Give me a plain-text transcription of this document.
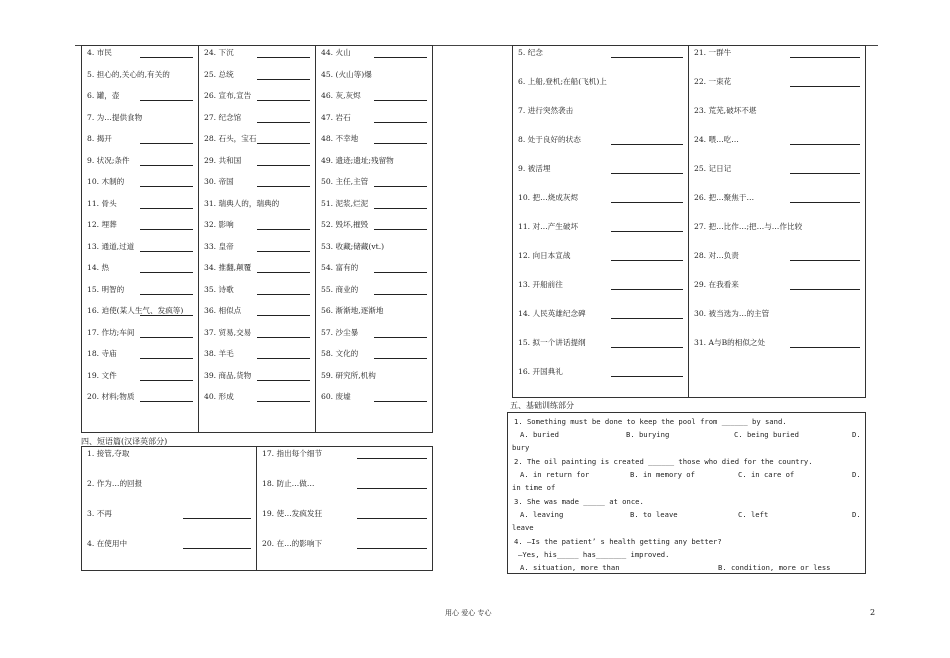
4. 市民
5. 担心的,关心的,有关的
6. 罐，壶
7. 为…提供食物
8. 揭开
9. 状况;条件
10. 木制的
11. 骨头
12. 埋葬
13. 通道,过道
14. 热
15. 明智的
16. 迫使(某人生气、发疯等)
17. 作坊;车间
18. 寺庙
19. 文件
20. 材料;物质

24. 下沉
25. 总统
26. 宣布,宣告
27. 纪念馆
28. 石头，宝石
29. 共和国
30. 帝国
31. 瑞典人的，瑞典的
32. 影响
33. 皇帝
34. 推翻,颠覆
35. 诗歌
36. 相似点
37. 贸易,交易
38. 羊毛
39. 商品,货物
40. 形成

44. 火山
45. (火山等)爆
46. 灰,灰烬
47. 岩石
48. 不幸地
49. 遗迹;遗址;残留物
50. 主任,主管
51. 泥浆,烂泥
52. 毁坏,摧毁
53. 收藏;储藏(vt.)
54. 富有的
55. 商业的
56. 渐渐地,逐渐地
57. 沙尘暴
58. 文化的
59. 研究所,机构
60. 废墟
四、短语篇(汉译英部分)
1. 接管,夺取
2. 作为…的回报
3. 不再
4. 在使用中

17. 指出每个细节
18. 防止…做…
19. 使…发疯发狂
20. 在…的影响下
5. 纪念
6. 上船,登机;在船(飞机)上
7. 进行突然袭击
8. 处于良好的状态
9. 被活埋
10. 把…烧成灰烬
11. 对…产生破坏
12. 向日本宣战
13. 开船前往
14. 人民英雄纪念碑
15. 拟一个讲话提纲
16. 开国典礼

21. 一群牛
22. 一束花
23. 荒芜,破坏不堪
24. 喂…吃…
25. 记日记
26. 把…聚焦于…
27. 把…比作…;把…与…作比较
28. 对…负责
29. 在我看来
30. 被当选为…的主管
31. A与B的相似之处
五、基础训练部分
1. Something must be done to keep the pool from ______ by sand.
A. buried	B. burying	C. being buried	D.
bury
2. The oil painting is created ______ those who died for the country.
A. in return for	B. in memory of	C. in care of	D.
in time of
3. She was made _____ at once.
A. leaving	B. to leave	C. left	D.
leave
4. —Is the patient’ s health getting any better?
—Yes, his_____ has_______ improved.
A. situation, more than	B. condition, more or less
用心 爱心 专心	2
